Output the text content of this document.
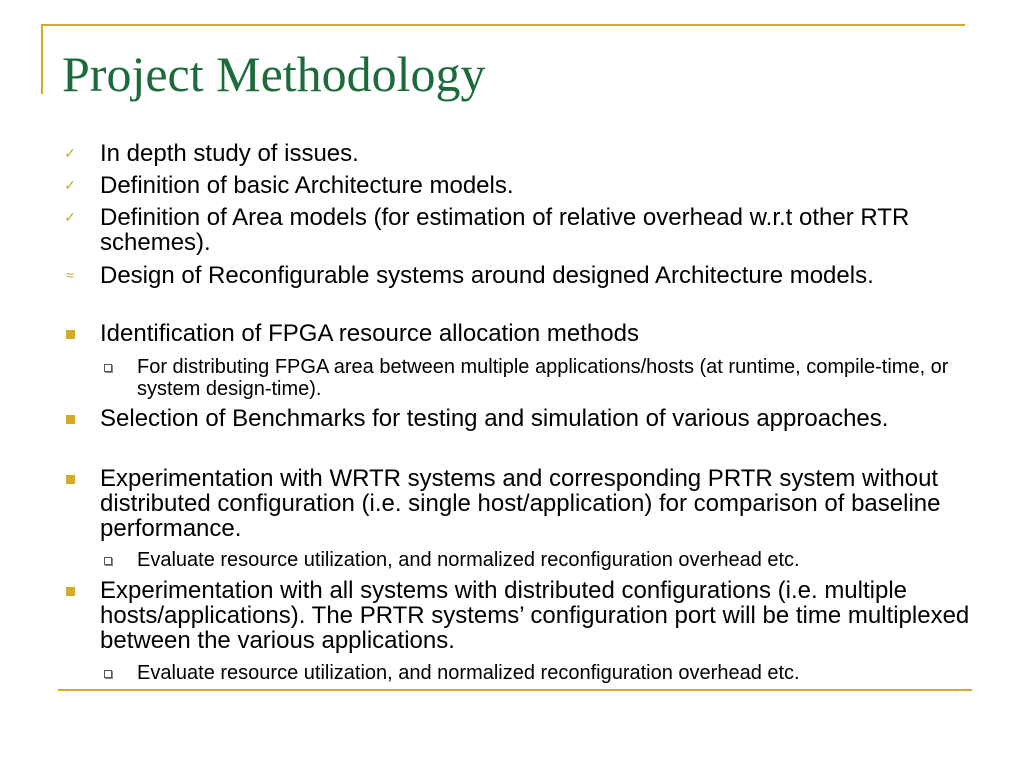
Project Methodology
✓ In depth study of issues.
✓ Definition of basic Architecture models.
✓ Definition of Area models (for estimation of relative overhead w.r.t other RTR schemes).
≈ Design of Reconfigurable systems around designed Architecture models.
Identification of FPGA resource allocation methods
For distributing FPGA area between multiple applications/hosts (at runtime, compile-time, or system design-time).
Selection of Benchmarks for testing and simulation of various approaches.
Experimentation with WRTR systems and corresponding PRTR system without distributed configuration (i.e. single host/application) for comparison of baseline performance.
Evaluate resource utilization, and normalized reconfiguration overhead etc.
Experimentation with all systems with distributed configurations (i.e. multiple hosts/applications). The PRTR systems’ configuration port will be time multiplexed between the various applications.
Evaluate resource utilization, and normalized reconfiguration overhead etc.
